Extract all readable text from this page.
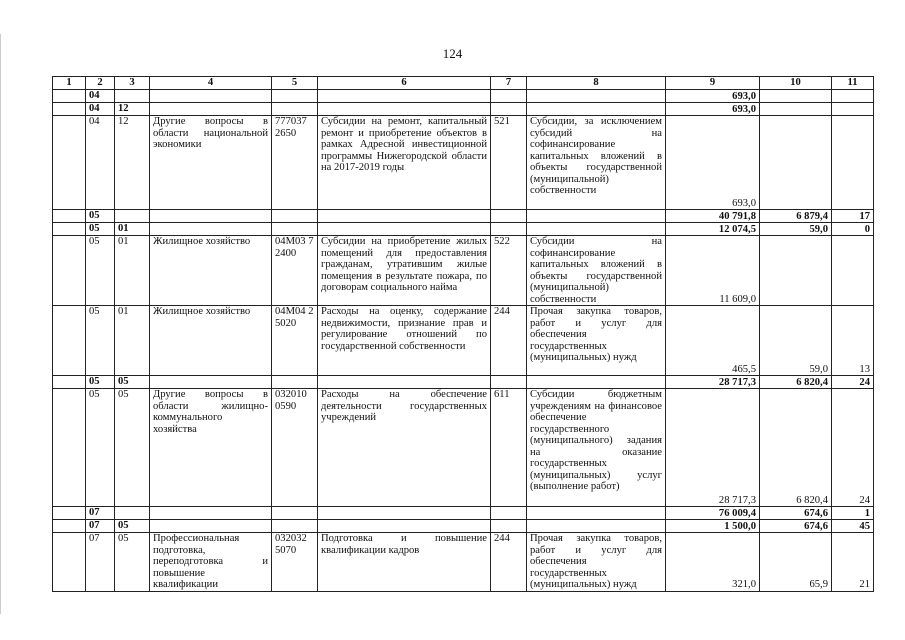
124
1	2	3	4	5	6	7	8	9	10	11
	04							693,0		
	04	12						693,0		
	04	12	Другие вопросы в области национальной экономики	777037 2650	Субсидии на ремонт, капитальный ремонт и приобретение объектов в рамках Адресной инвестиционной программы Нижегородской области на 2017-2019 годы	521	Субсидии, за исключением субсидий на софинансирование капитальных вложений в объекты государственной (муниципальной) собственности	693,0		
	05							40 791,8	6 879,4	17
	05	01						12 074,5	59,0	0
	05	01	Жилищное хозяйство	04М03 72400	Субсидии на приобретение жилых помещений для предоставления гражданам, утратившим жилые помещения в результате пожара, по договорам социального найма	522	Субсидии на софинансирование капитальных вложений в объекты государственной (муниципальной) собственности	11 609,0		
	05	01	Жилищное хозяйство	04М04 25020	Расходы на оценку, содержание недвижимости, признание прав и регулирование отношений по государственной собственности	244	Прочая закупка товаров, работ и услуг для обеспечения государственных (муниципальных) нужд	465,5	59,0	13
	05	05						28 717,3	6 820,4	24
	05	05	Другие вопросы в области жилищно-коммунального хозяйства	032010 0590	Расходы на обеспечение деятельности государственных учреждений	611	Субсидии бюджетным учреждениям на финансовое обеспечение государственного (муниципального) задания на оказание государственных (муниципальных) услуг (выполнение работ)	28 717,3	6 820,4	24
	07							76 009,4	674,6	1
	07	05						1 500,0	674,6	45
	07	05	Профессиональная подготовка, переподготовка и повышение квалификации	032032 5070	Подготовка и повышение квалификации кадров	244	Прочая закупка товаров, работ и услуг для обеспечения государственных (муниципальных) нужд	321,0	65,9	21
